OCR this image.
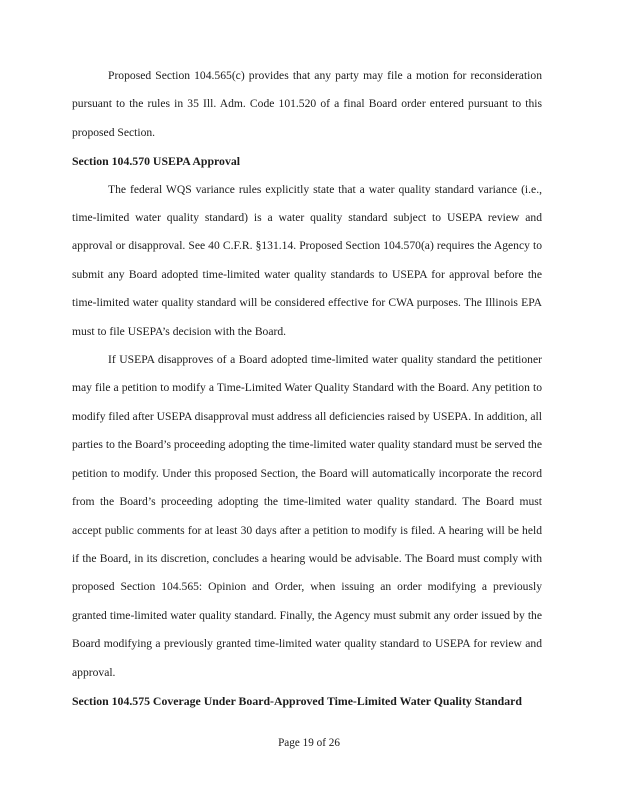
Proposed Section 104.565(c) provides that any party may file a motion for reconsideration pursuant to the rules in 35 Ill. Adm. Code 101.520 of a final Board order entered pursuant to this proposed Section.

Section 104.570 USEPA Approval

The federal WQS variance rules explicitly state that a water quality standard variance (i.e., time-limited water quality standard) is a water quality standard subject to USEPA review and approval or disapproval. See 40 C.F.R. §131.14. Proposed Section 104.570(a) requires the Agency to submit any Board adopted time-limited water quality standards to USEPA for approval before the time-limited water quality standard will be considered effective for CWA purposes. The Illinois EPA must to file USEPA’s decision with the Board.

If USEPA disapproves of a Board adopted time-limited water quality standard the petitioner may file a petition to modify a Time-Limited Water Quality Standard with the Board. Any petition to modify filed after USEPA disapproval must address all deficiencies raised by USEPA. In addition, all parties to the Board’s proceeding adopting the time-limited water quality standard must be served the petition to modify. Under this proposed Section, the Board will automatically incorporate the record from the Board’s proceeding adopting the time-limited water quality standard. The Board must accept public comments for at least 30 days after a petition to modify is filed. A hearing will be held if the Board, in its discretion, concludes a hearing would be advisable. The Board must comply with proposed Section 104.565: Opinion and Order, when issuing an order modifying a previously granted time-limited water quality standard. Finally, the Agency must submit any order issued by the Board modifying a previously granted time-limited water quality standard to USEPA for review and approval.

Section 104.575 Coverage Under Board-Approved Time-Limited Water Quality Standard
Page 19 of 26
